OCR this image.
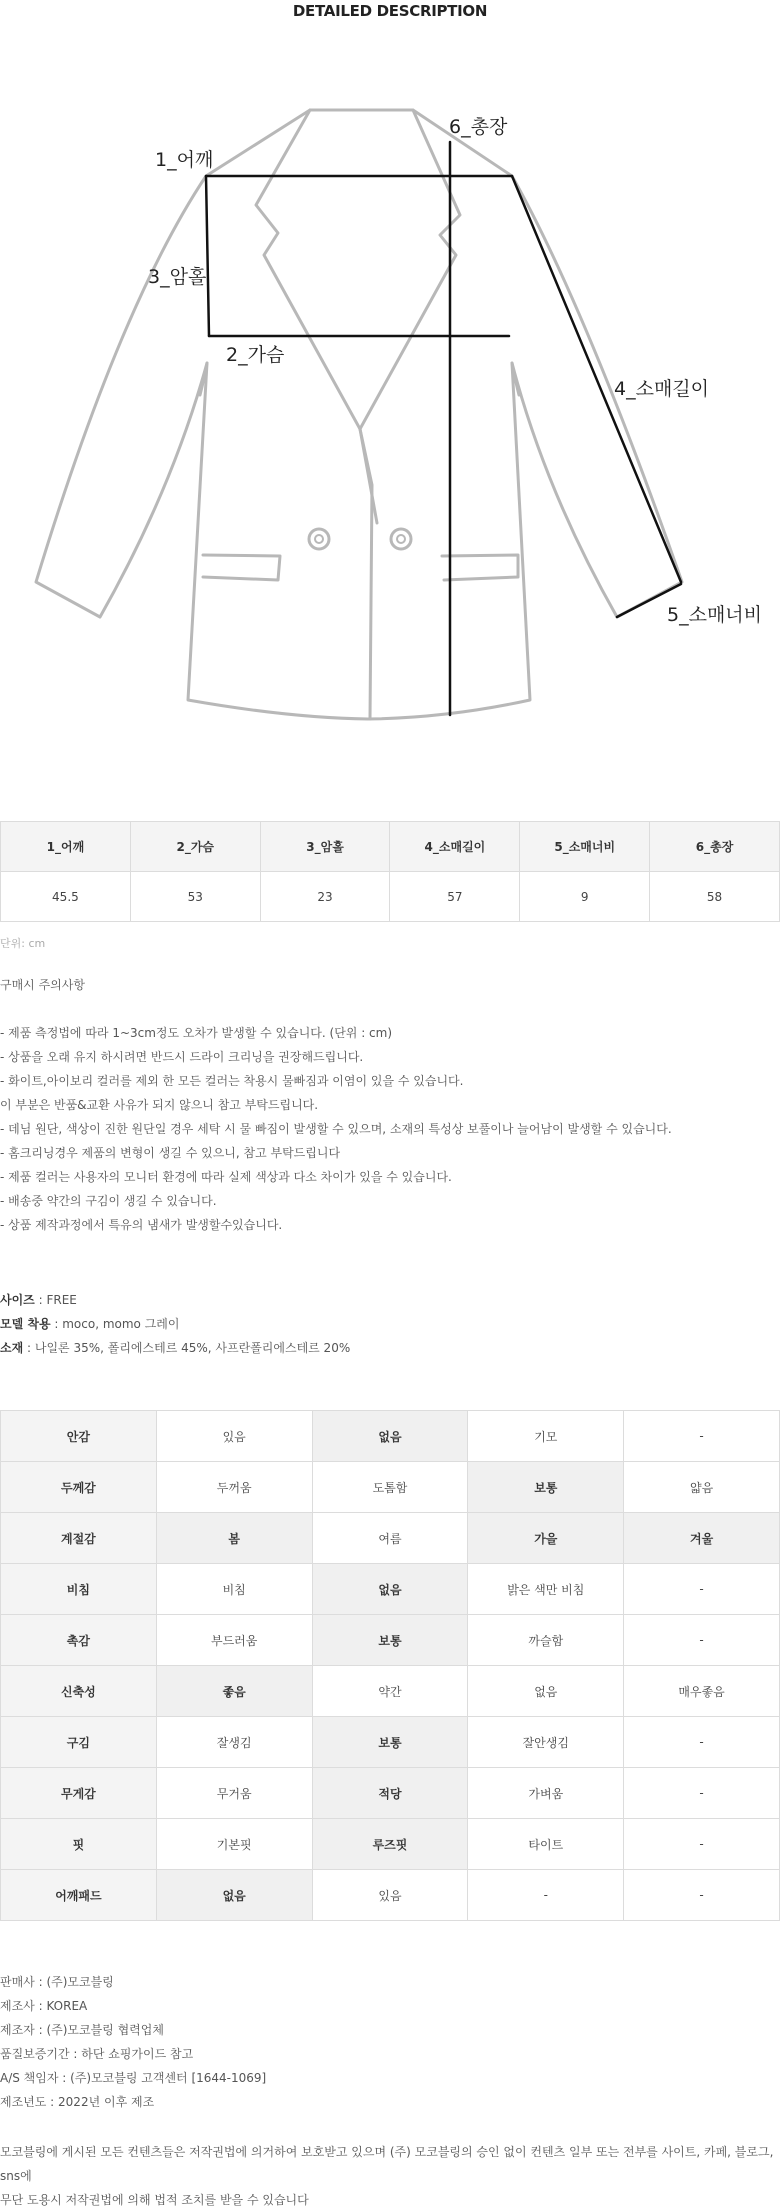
DETAILED DESCRIPTION
1_어깨
6_총장
3_암홀
2_가슴
4_소매길이
5_소매너비
1_어깨	2_가슴	3_암홀	4_소매길이	5_소매너비	6_총장
45.5	53	23	57	9	58
단위: cm
구매시 주의사항
- 제품 측정법에 따라 1~3cm정도 오차가 발생할 수 있습니다. (단위 : cm)
- 상품을 오래 유지 하시려면 반드시 드라이 크리닝을 권장해드립니다.
- 화이트,아이보리 컬러를 제외 한 모든 컬러는 착용시 물빠짐과 이염이 있을 수 있습니다.
이 부분은 반품&교환 사유가 되지 않으니 참고 부탁드립니다.
- 데님 원단, 색상이 진한 원단일 경우 세탁 시 물 빠짐이 발생할 수 있으며, 소재의 특성상 보풀이나 늘어남이 발생할 수 있습니다.
- 홈크리닝경우 제품의 변형이 생길 수 있으니, 참고 부탁드립니다
- 제품 컬러는 사용자의 모니터 환경에 따라 실제 색상과 다소 차이가 있을 수 있습니다.
- 배송중 약간의 구김이 생길 수 있습니다.
- 상품 제작과정에서 특유의 냄새가 발생할수있습니다.
사이즈 : FREE
모델 착용 : moco, momo 그레이
소재 : 나일론 35%, 폴리에스테르 45%, 사프란폴리에스테르 20%
안감	있음	없음	기모	-
두께감	두꺼움	도톰함	보통	얇음
계절감	봄	여름	가을	겨울
비침	비침	없음	밝은 색만 비침	-
촉감	부드러움	보통	까슬함	-
신축성	좋음	약간	없음	매우좋음
구김	잘생김	보통	잘안생김	-
무게감	무거움	적당	가벼움	-
핏	기본핏	루즈핏	타이트	-
어깨패드	없음	있음	-	-
판매사 : (주)모코블링
제조사 : KOREA
제조자 : (주)모코블링 협력업체
품질보증기간 : 하단 쇼핑가이드 참고
A/S 책임자 : (주)모코블링 고객센터 [1644-1069]
제조년도 : 2022년 이후 제조
모코블링에 게시된 모든 컨텐츠들은 저작권법에 의거하여 보호받고 있으며 (주) 모코블링의 승인 없이 컨텐츠 일부 또는 전부를 사이트, 카페, 블로그, sns에
무단 도용시 저작권법에 의해 법적 조치를 받을 수 있습니다
